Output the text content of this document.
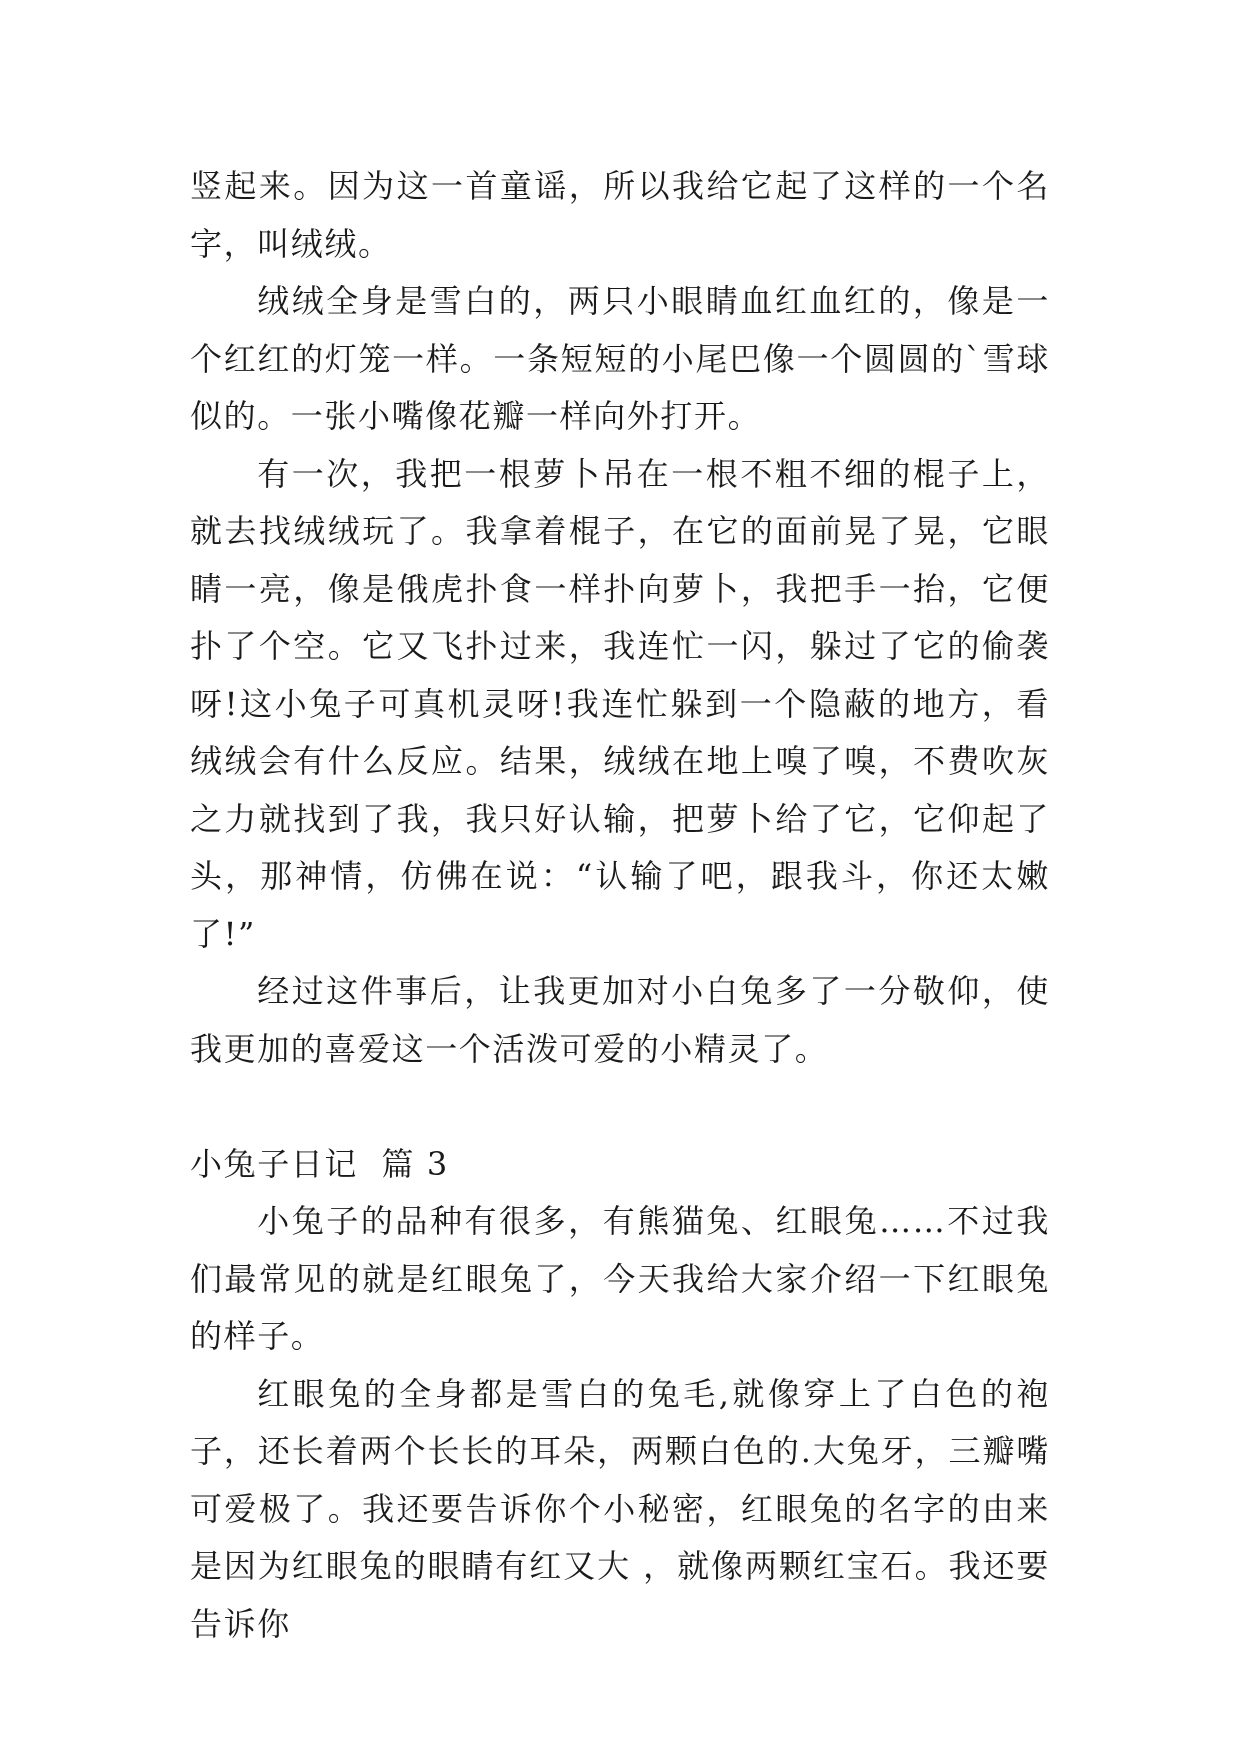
竖起来。因为这一首童谣，所以我给它起了这样的一个名字，叫绒绒。

绒绒全身是雪白的，两只小眼睛血红血红的，像是一个红红的灯笼一样。一条短短的小尾巴像一个圆圆的`雪球似的。一张小嘴像花瓣一样向外打开。

有一次，我把一根萝卜吊在一根不粗不细的棍子上，就去找绒绒玩了。我拿着棍子，在它的面前晃了晃，它眼睛一亮，像是俄虎扑食一样扑向萝卜，我把手一抬，它便扑了个空。它又飞扑过来，我连忙一闪，躲过了它的偷袭呀!这小兔子可真机灵呀!我连忙躲到一个隐蔽的地方，看绒绒会有什么反应。结果，绒绒在地上嗅了嗅，不费吹灰之力就找到了我，我只好认输，把萝卜给了它，它仰起了头，那神情，仿佛在说：“认输了吧，跟我斗，你还太嫩了!”

经过这件事后，让我更加对小白兔多了一分敬仰，使我更加的喜爱这一个活泼可爱的小精灵了。

小兔子日记  篇 3

小兔子的品种有很多，有熊猫兔、红眼兔……不过我们最常见的就是红眼兔了，今天我给大家介绍一下红眼兔的样子。

红眼兔的全身都是雪白的兔毛,就像穿上了白色的袍子，还长着两个长长的耳朵，两颗白色的.大兔牙，三瓣嘴可爱极了。我还要告诉你个小秘密，红眼兔的名字的由来是因为红眼兔的眼睛有红又大 ，就像两颗红宝石。我还要告诉你
